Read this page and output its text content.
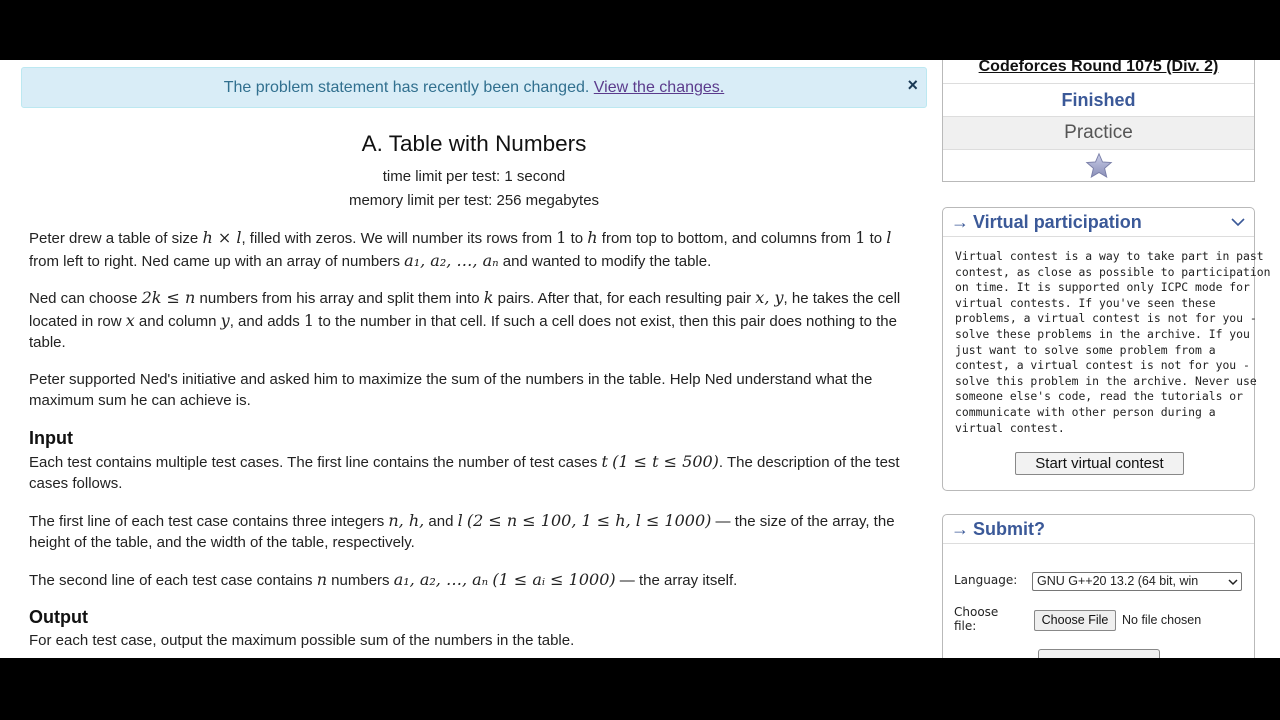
The problem statement has recently been changed. View the changes.	×
A. Table with Numbers
time limit per test: 1 second
memory limit per test: 256 megabytes
Peter drew a table of size h × l, filled with zeros. We will number its rows from 1 to h from top to bottom, and columns from 1 to l from left to right. Ned came up with an array of numbers a₁, a₂, …, aₙ and wanted to modify the table.
Ned can choose 2k ≤ n numbers from his array and split them into k pairs. After that, for each resulting pair x, y, he takes the cell located in row x and column y, and adds 1 to the number in that cell. If such a cell does not exist, then this pair does nothing to the table.
Peter supported Ned's initiative and asked him to maximize the sum of the numbers in the table. Help Ned understand what the maximum sum he can achieve is.
Input
Each test contains multiple test cases. The first line contains the number of test cases t (1 ≤ t ≤ 500). The description of the test cases follows.
The first line of each test case contains three integers n, h, and l (2 ≤ n ≤ 100, 1 ≤ h, l ≤ 1000) — the size of the array, the height of the table, and the width of the table, respectively.
The second line of each test case contains n numbers a₁, a₂, …, aₙ (1 ≤ aᵢ ≤ 1000) — the array itself.
Output
For each test case, output the maximum possible sum of the numbers in the table.
Codeforces Round 1075 (Div. 2)
Finished
Practice
→ Virtual participation
Virtual contest is a way to take part in past
contest, as close as possible to participation
on time. It is supported only ICPC mode for
virtual contests. If you've seen these
problems, a virtual contest is not for you -
solve these problems in the archive. If you
just want to solve some problem from a
contest, a virtual contest is not for you -
solve this problem in the archive. Never use
someone else's code, read the tutorials or
communicate with other person during a
virtual contest.
Start virtual contest
→ Submit?
Language:	GNU G++20 13.2 (64 bit, win
Choose
file:	Choose File	No file chosen
